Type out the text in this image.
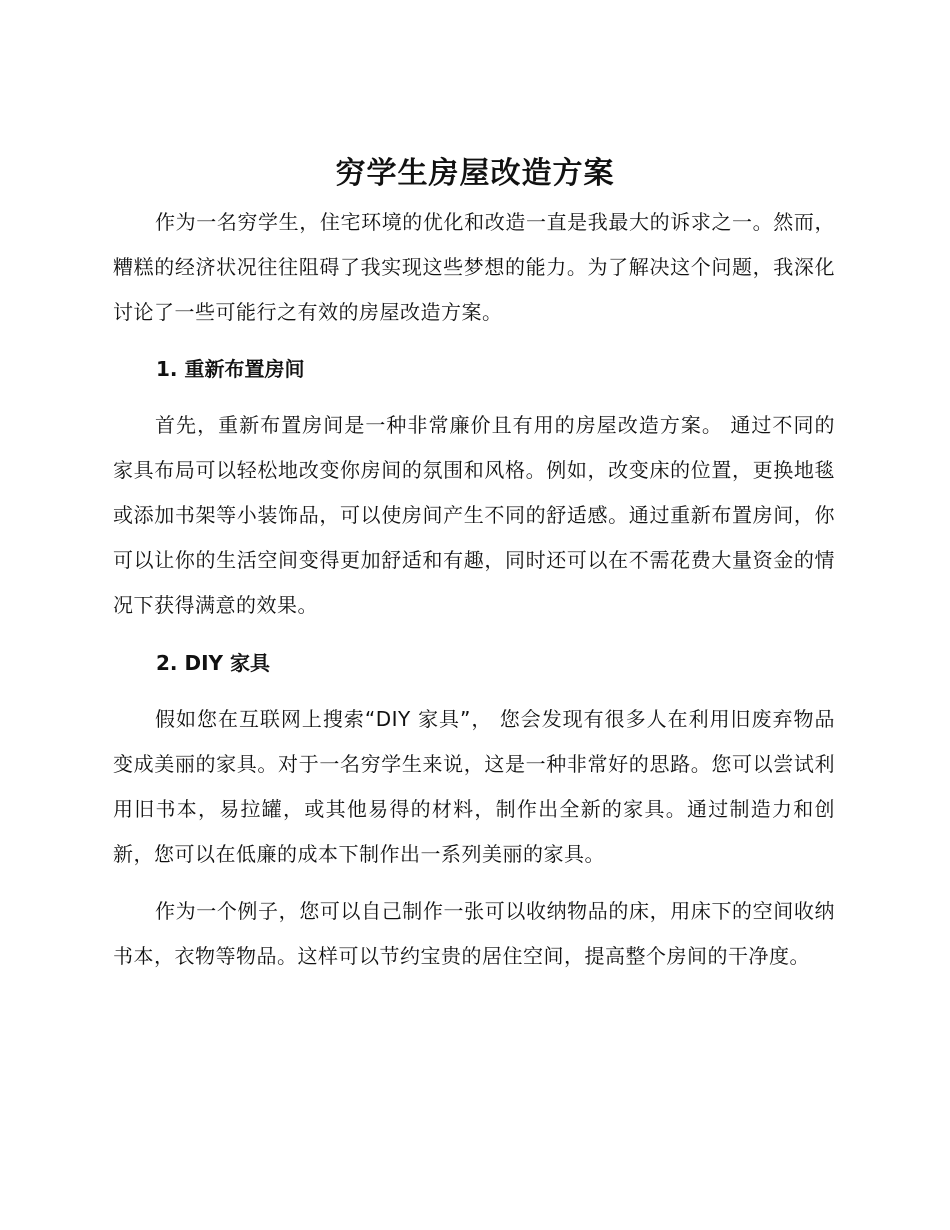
穷学生房屋改造方案

作为一名穷学生，住宅环境的优化和改造一直是我最大的诉求之一。然而，糟糕的经济状况往往阻碍了我实现这些梦想的能力。为了解决这个问题，我深化讨论了一些可能行之有效的房屋改造方案。

1. 重新布置房间

首先，重新布置房间是一种非常廉价且有用的房屋改造方案。 通过不同的家具布局可以轻松地改变你房间的氛围和风格。例如，改变床的位置，更换地毯或添加书架等小装饰品，可以使房间产生不同的舒适感。通过重新布置房间，你可以让你的生活空间变得更加舒适和有趣，同时还可以在不需花费大量资金的情况下获得满意的效果。

2. DIY 家具

假如您在互联网上搜索“DIY 家具”， 您会发现有很多人在利用旧废弃物品变成美丽的家具。对于一名穷学生来说，这是一种非常好的思路。您可以尝试利用旧书本，易拉罐，或其他易得的材料，制作出全新的家具。通过制造力和创新，您可以在低廉的成本下制作出一系列美丽的家具。

作为一个例子，您可以自己制作一张可以收纳物品的床，用床下的空间收纳书本，衣物等物品。这样可以节约宝贵的居住空间，提高整个房间的干净度。
